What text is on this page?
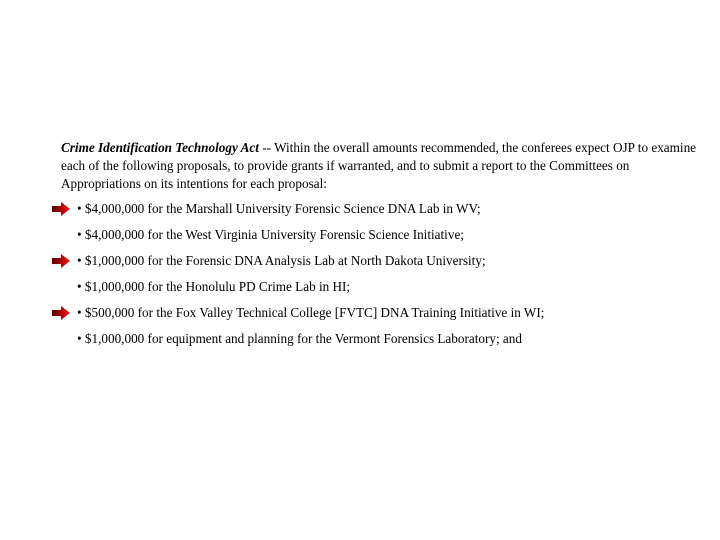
Crime Identification Technology Act -- Within the overall amounts recommended, the conferees expect OJP to examine each of the following proposals, to provide grants if warranted, and to submit a report to the Committees on Appropriations on its intentions for each proposal:
• $4,000,000 for the Marshall University Forensic Science DNA Lab in WV;
• $4,000,000 for the West Virginia University Forensic Science Initiative;
• $1,000,000 for the Forensic DNA Analysis Lab at North Dakota University;
• $1,000,000 for the Honolulu PD Crime Lab in HI;
• $500,000 for the Fox Valley Technical College [FVTC] DNA Training Initiative in WI;
• $1,000,000 for equipment and planning for the Vermont Forensics Laboratory; and
